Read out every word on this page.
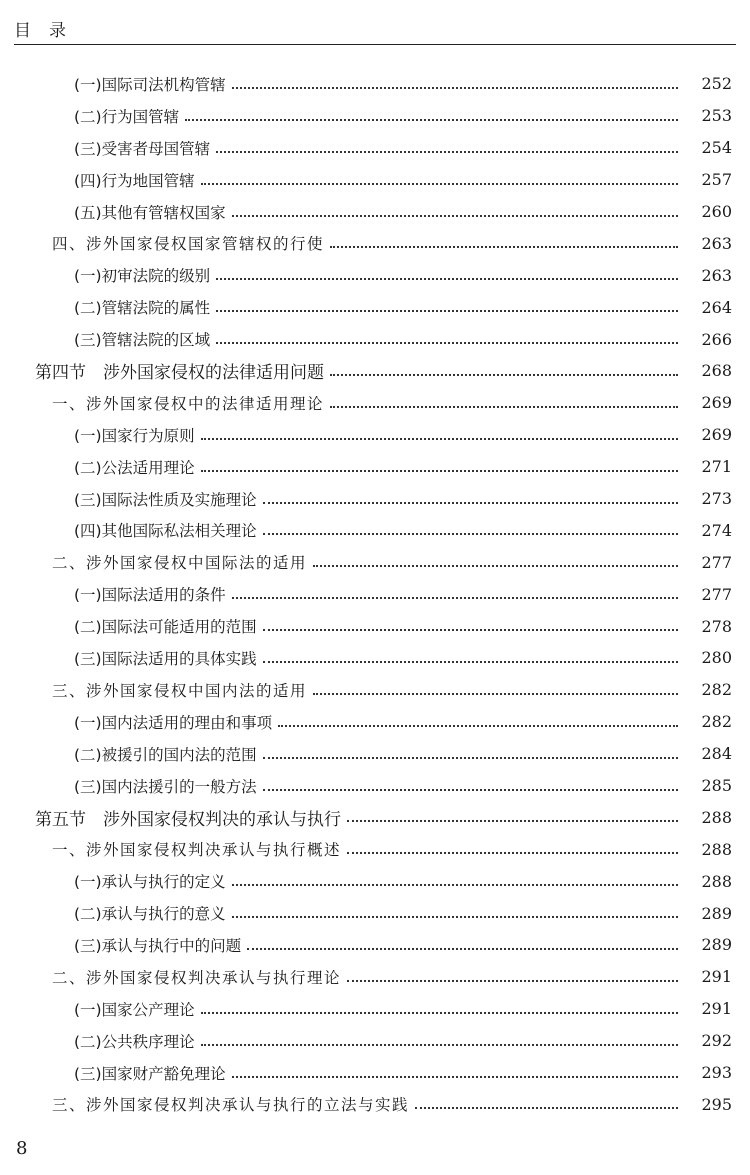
目录
(一)国际司法机构管辖	252
(二)行为国管辖	253
(三)受害者母国管辖	254
(四)行为地国管辖	257
(五)其他有管辖权国家	260
四、涉外国家侵权国家管辖权的行使	263
(一)初审法院的级别	263
(二)管辖法院的属性	264
(三)管辖法院的区域	266
第四节　涉外国家侵权的法律适用问题	268
一、涉外国家侵权中的法律适用理论	269
(一)国家行为原则	269
(二)公法适用理论	271
(三)国际法性质及实施理论	273
(四)其他国际私法相关理论	274
二、涉外国家侵权中国际法的适用	277
(一)国际法适用的条件	277
(二)国际法可能适用的范围	278
(三)国际法适用的具体实践	280
三、涉外国家侵权中国内法的适用	282
(一)国内法适用的理由和事项	282
(二)被援引的国内法的范围	284
(三)国内法援引的一般方法	285
第五节　涉外国家侵权判决的承认与执行	288
一、涉外国家侵权判决承认与执行概述	288
(一)承认与执行的定义	288
(二)承认与执行的意义	289
(三)承认与执行中的问题	289
二、涉外国家侵权判决承认与执行理论	291
(一)国家公产理论	291
(二)公共秩序理论	292
(三)国家财产豁免理论	293
三、涉外国家侵权判决承认与执行的立法与实践	295
8
